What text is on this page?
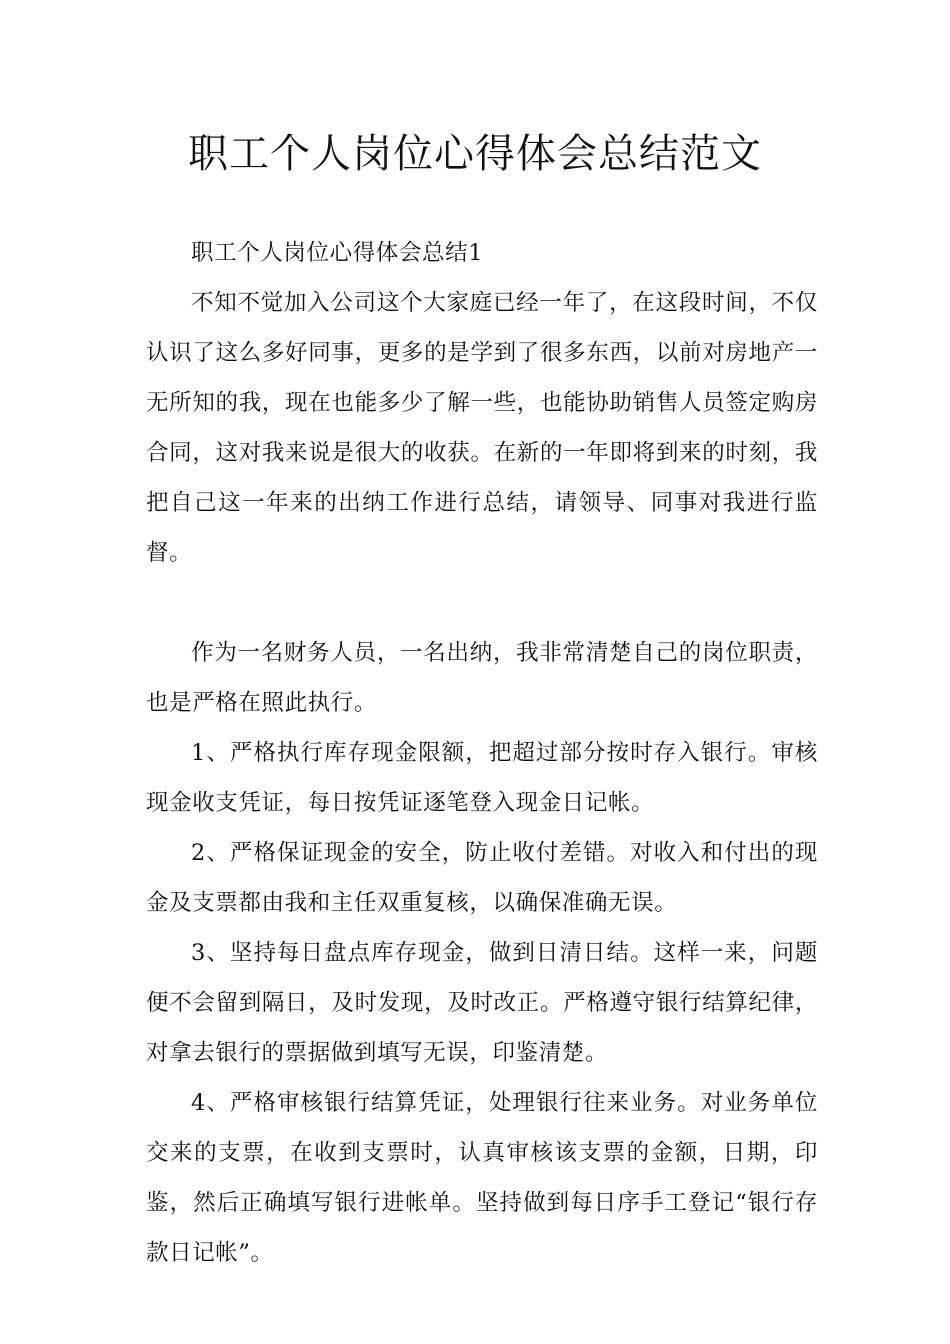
职工个人岗位心得体会总结范文

职工个人岗位心得体会总结1

不知不觉加入公司这个大家庭已经一年了，在这段时间，不仅认识了这么多好同事，更多的是学到了很多东西，以前对房地产一无所知的我，现在也能多少了解一些，也能协助销售人员签定购房合同，这对我来说是很大的收获。在新的一年即将到来的时刻，我把自己这一年来的出纳工作进行总结，请领导、同事对我进行监督。

作为一名财务人员，一名出纳，我非常清楚自己的岗位职责，也是严格在照此执行。

1、严格执行库存现金限额，把超过部分按时存入银行。审核现金收支凭证，每日按凭证逐笔登入现金日记帐。

2、严格保证现金的安全，防止收付差错。对收入和付出的现金及支票都由我和主任双重复核，以确保准确无误。

3、坚持每日盘点库存现金，做到日清日结。这样一来，问题便不会留到隔日，及时发现，及时改正。严格遵守银行结算纪律，对拿去银行的票据做到填写无误，印鉴清楚。

4、严格审核银行结算凭证，处理银行往来业务。对业务单位交来的支票，在收到支票时，认真审核该支票的金额，日期，印鉴，然后正确填写银行进帐单。坚持做到每日序手工登记“银行存款日记帐”。
